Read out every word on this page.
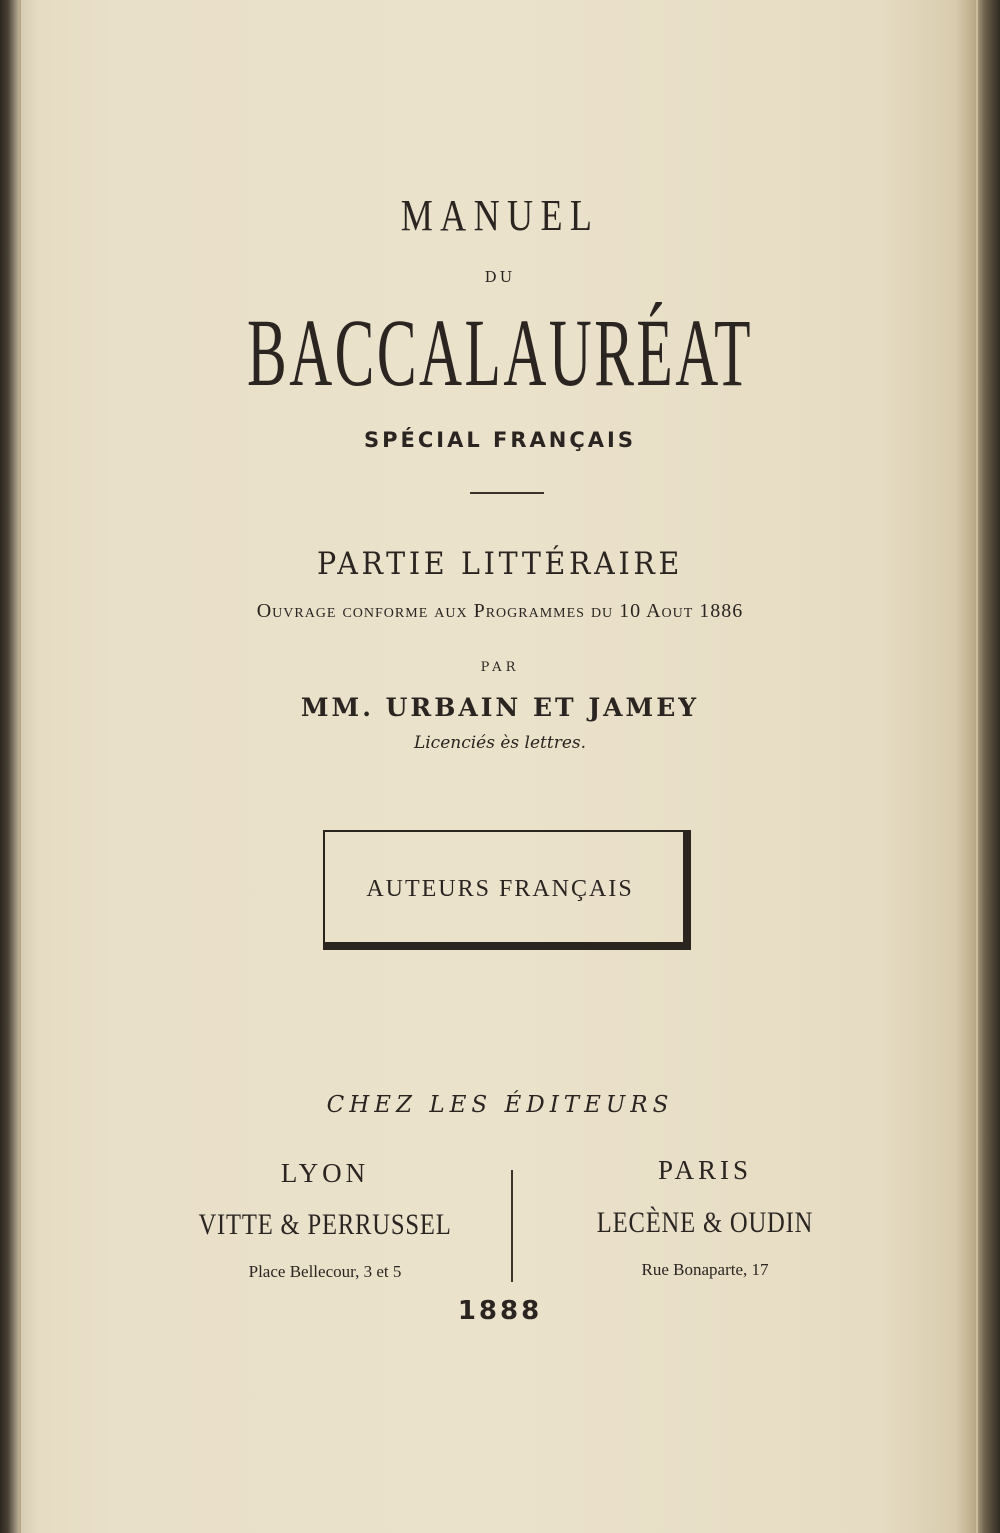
MANUEL
DU
BACCALAURÉAT
SPÉCIAL FRANÇAIS
PARTIE LITTÉRAIRE
Ouvrage conforme aux Programmes du 10 Aout 1886
PAR
MM. URBAIN ET JAMEY
Licenciés ès lettres.
AUTEURS FRANÇAIS
CHEZ LES ÉDITEURS
LYON
VITTE & PERRUSSEL
Place Bellecour, 3 et 5
PARIS
LECÈNE & OUDIN
Rue Bonaparte, 17
1888
